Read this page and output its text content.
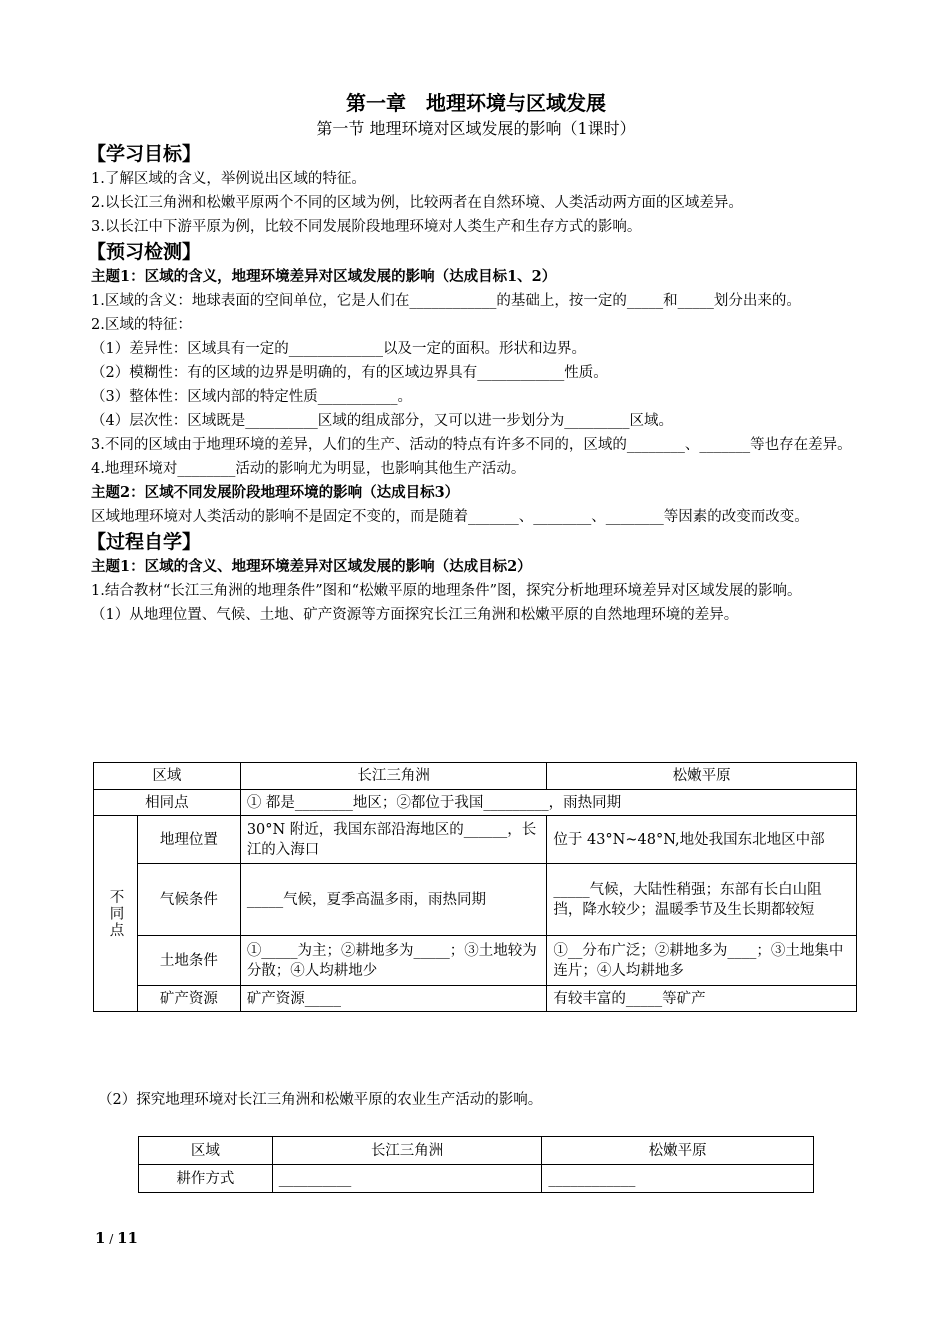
第一章　地理环境与区域发展

第一节 地理环境对区域发展的影响（1课时）

【学习目标】

1.了解区域的含义，举例说出区域的特征。

2.以长江三角洲和松嫩平原两个不同的区域为例，比较两者在自然环境、人类活动两方面的区域差异。

3.以长江中下游平原为例，比较不同发展阶段地理环境对人类生产和生存方式的影响。

【预习检测】

主题1：区域的含义，地理环境差异对区域发展的影响（达成目标1、2）

1.区域的含义：地球表面的空间单位，它是人们在____________的基础上，按一定的_____和_____划分出来的。

2.区域的特征：

（1）差异性：区域具有一定的_____________以及一定的面积。形状和边界。

（2）模糊性：有的区域的边界是明确的，有的区域边界具有____________性质。

（3）整体性：区域内部的特定性质___________。

（4）层次性：区域既是__________区域的组成部分，又可以进一步划分为_________区域。

3.不同的区域由于地理环境的差异，人们的生产、活动的特点有许多不同的，区域的________、_______等也存在差异。

4.地理环境对________活动的影响尤为明显，也影响其他生产活动。

主题2：区域不同发展阶段地理环境的影响（达成目标3）

区域地理环境对人类活动的影响不是固定不变的，而是随着_______、________、________等因素的改变而改变。

【过程自学】

主题1：区域的含义、地理环境差异对区域发展的影响（达成目标2）

1.结合教材“长江三角洲的地理条件”图和“松嫩平原的地理条件”图，探究分析地理环境差异对区域发展的影响。

（1）从地理位置、气候、土地、矿产资源等方面探究长江三角洲和松嫩平原的自然地理环境的差异。

区域		长江三角洲	松嫩平原
相同点		① 都是________地区；②都位于我国_________，雨热同期	
不同点	地理位置	30°N 附近，我国东部沿海地区的______，长江的入海口	位于 43°N~48°N,地处我国东北地区中部
	气候条件	_____气候，夏季高温多雨，雨热同期	_____气候，大陆性稍强；东部有长白山阻挡，降水较少；温暖季节及生长期都较短
	土地条件	①_____为主；②耕地多为_____；③土地较为分散；④人均耕地少	①__分布广泛；②耕地多为____；③土地集中连片；④人均耕地多
	矿产资源	矿产资源_____	有较丰富的_____等矿产

（2）探究地理环境对长江三角洲和松嫩平原的农业生产活动的影响。

区域	长江三角洲	松嫩平原
耕作方式	__________	____________
1 / 11
